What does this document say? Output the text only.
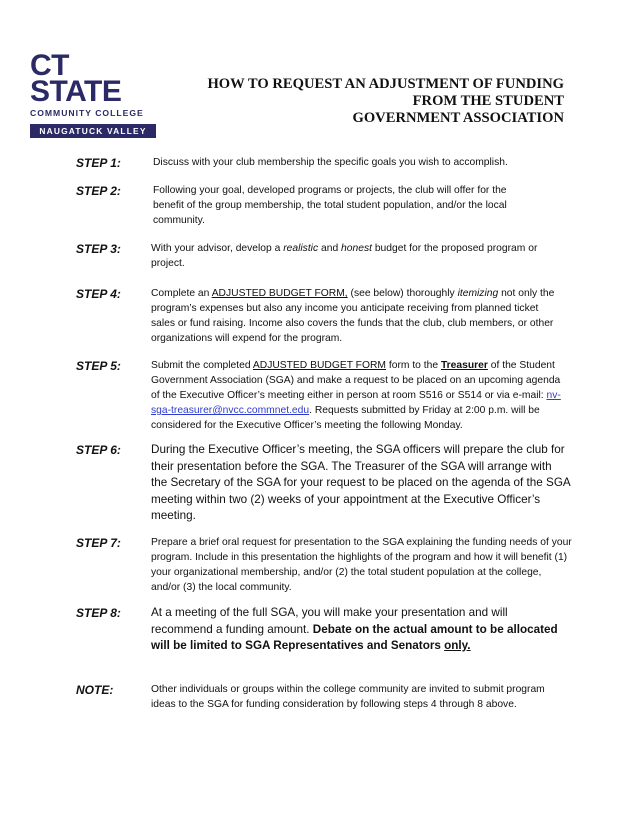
CT STATE
COMMUNITY COLLEGE
NAUGATUCK VALLEY
HOW TO REQUEST AN ADJUSTMENT OF FUNDING
FROM THE STUDENT
GOVERNMENT ASSOCIATION
STEP 1:	Discuss with your club membership the specific goals you wish to accomplish.
STEP 2:	Following your goal, developed programs or projects, the club will offer for the benefit of the group membership, the total student population, and/or the local community.
STEP 3:	With your advisor, develop a realistic and honest budget for the proposed program or project.
STEP 4:	Complete an ADJUSTED BUDGET FORM, (see below) thoroughly itemizing not only the program’s expenses but also any income you anticipate receiving from planned ticket sales or fund raising. Income also covers the funds that the club, club members, or other organizations will expend for the program.
STEP 5:	Submit the completed ADJUSTED BUDGET FORM form to the Treasurer of the Student Government Association (SGA) and make a request to be placed on an upcoming agenda of the Executive Officer’s meeting either in person at room S516 or S514 or via e-mail: nv-sga-treasurer@nvcc.commnet.edu. Requests submitted by Friday at 2:00 p.m. will be considered for the Executive Officer’s meeting the following Monday.
STEP 6:	During the Executive Officer’s meeting, the SGA officers will prepare the club for their presentation before the SGA. The Treasurer of the SGA will arrange with the Secretary of the SGA for your request to be placed on the agenda of the SGA meeting within two (2) weeks of your appointment at the Executive Officer’s meeting.
STEP 7:	Prepare a brief oral request for presentation to the SGA explaining the funding needs of your program. Include in this presentation the highlights of the program and how it will benefit (1) your organizational membership, and/or (2) the total student population at the college, and/or (3) the local community.
STEP 8:	At a meeting of the full SGA, you will make your presentation and will recommend a funding amount. Debate on the actual amount to be allocated will be limited to SGA Representatives and Senators only.
NOTE:	Other individuals or groups within the college community are invited to submit program ideas to the SGA for funding consideration by following steps 4 through 8 above.
